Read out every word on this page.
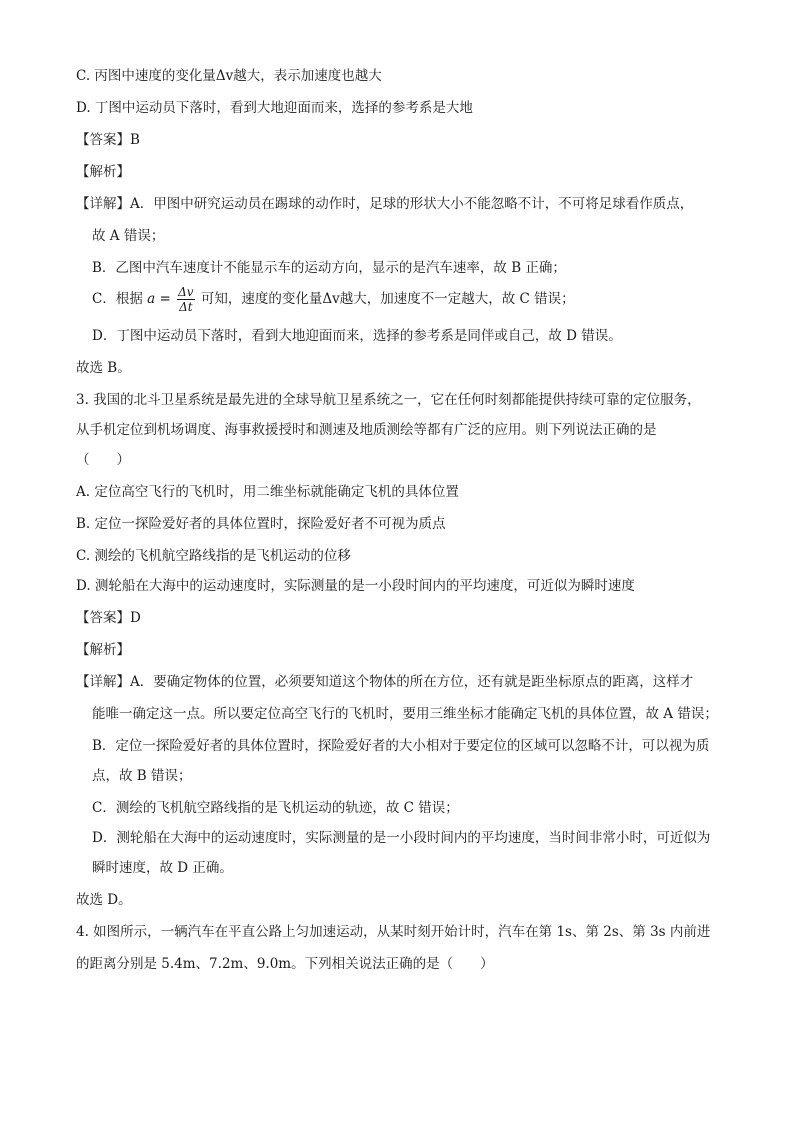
C. 丙图中速度的变化量Δv越大，表示加速度也越大
D. 丁图中运动员下落时，看到大地迎面而来，选择的参考系是大地
【答案】B
【解析】
【详解】A．甲图中研究运动员在踢球的动作时，足球的形状大小不能忽略不计，不可将足球看作质点，
故 A 错误；
B．乙图中汽车速度计不能显示车的运动方向，显示的是汽车速率，故 B 正确；
C．根据 $a = \frac{\Delta v}{\Delta t}$ 可知，速度的变化量Δv越大，加速度不一定越大，故 C 错误；
D．丁图中运动员下落时，看到大地迎面而来，选择的参考系是同伴或自己，故 D 错误。
故选 B。
3. 我国的北斗卫星系统是最先进的全球导航卫星系统之一，它在任何时刻都能提供持续可靠的定位服务，
从手机定位到机场调度、海事救援授时和测速及地质测绘等都有广泛的应用。则下列说法正确的是
（　　）
A. 定位高空飞行的飞机时，用二维坐标就能确定飞机的具体位置
B. 定位一探险爱好者的具体位置时，探险爱好者不可视为质点
C. 测绘的飞机航空路线指的是飞机运动的位移
D. 测轮船在大海中的运动速度时，实际测量的是一小段时间内的平均速度，可近似为瞬时速度
【答案】D
【解析】
【详解】A．要确定物体的位置，必须要知道这个物体的所在方位，还有就是距坐标原点的距离，这样才
能唯一确定这一点。所以要定位高空飞行的飞机时，要用三维坐标才能确定飞机的具体位置，故 A 错误；
B．定位一探险爱好者的具体位置时，探险爱好者的大小相对于要定位的区域可以忽略不计，可以视为质
点，故 B 错误；
C．测绘的飞机航空路线指的是飞机运动的轨迹，故 C 错误；
D．测轮船在大海中的运动速度时，实际测量的是一小段时间内的平均速度，当时间非常小时，可近似为
瞬时速度，故 D 正确。
故选 D。
4. 如图所示，一辆汽车在平直公路上匀加速运动，从某时刻开始计时，汽车在第 1s、第 2s、第 3s 内前进
的距离分别是 5.4m、7.2m、9.0m。下列相关说法正确的是（　　）
